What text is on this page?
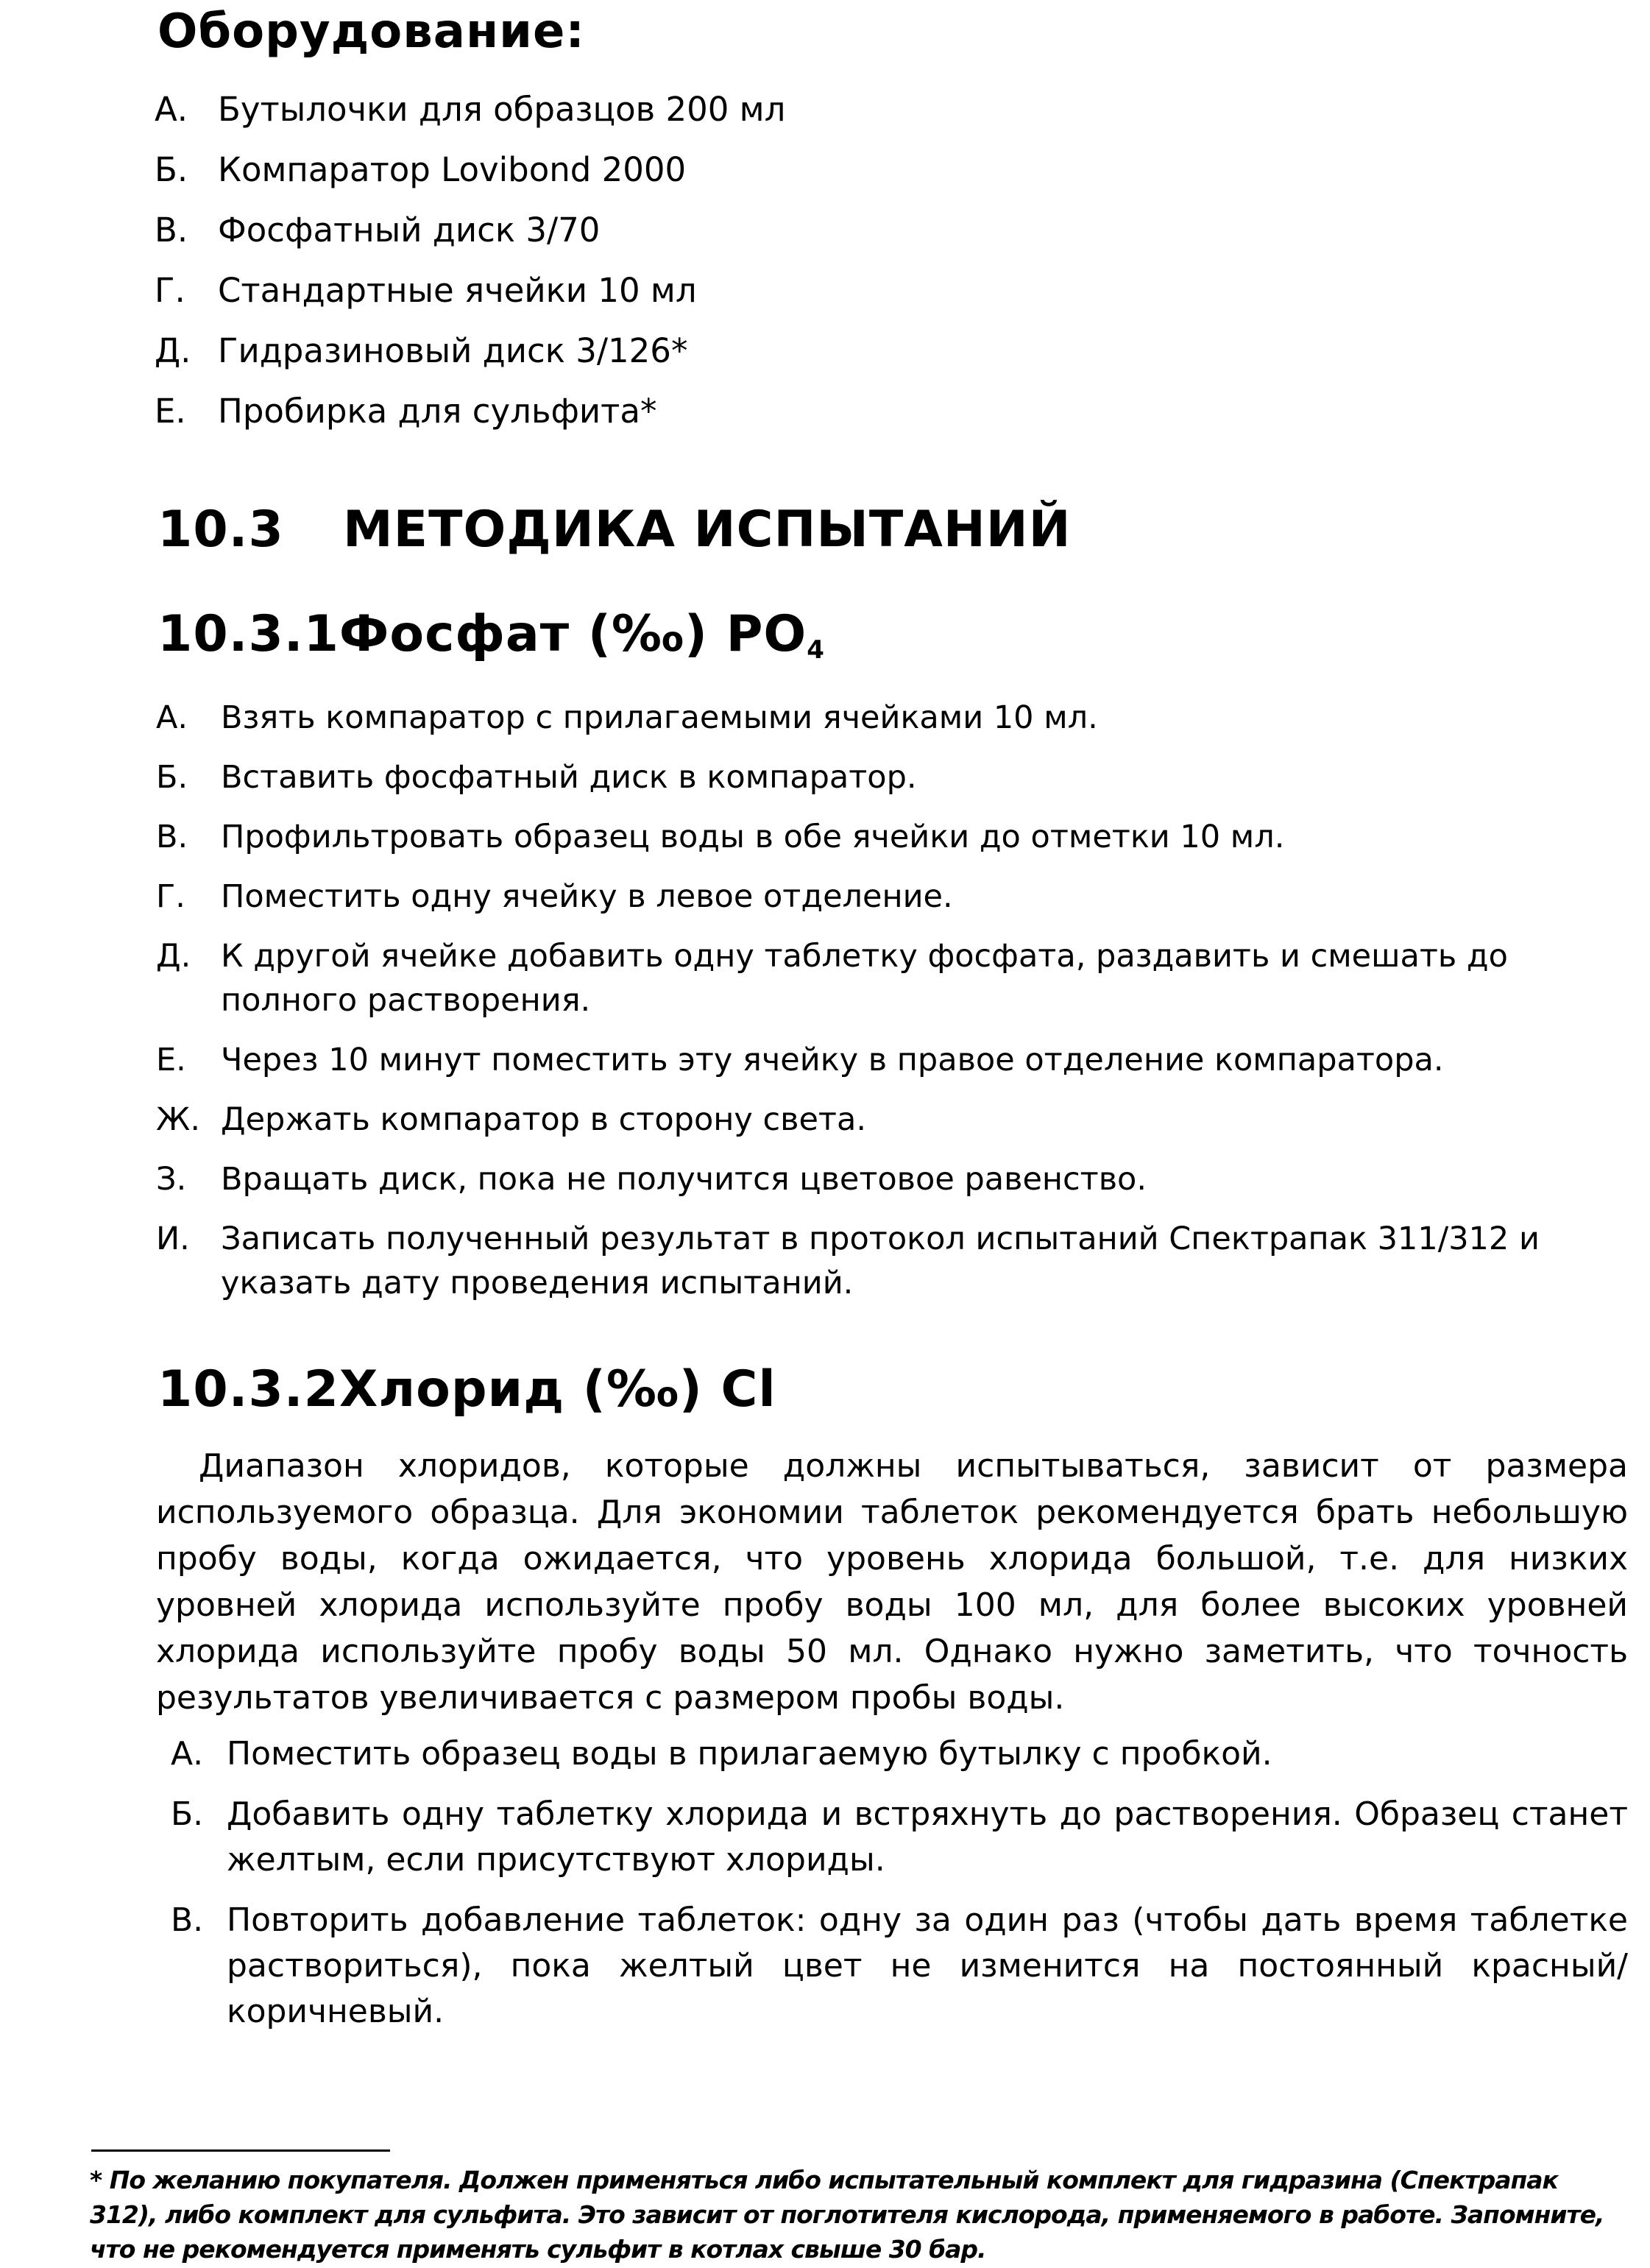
Оборудование:
А. Бутылочки для образцов 200 мл
Б. Компаратор Lovibond 2000
В. Фосфатный диск 3/70
Г. Стандартные ячейки 10 мл
Д. Гидразиновый диск 3/126*
Е. Пробирка для сульфита*
10.3 МЕТОДИКА ИСПЫТАНИЙ
10.3.1Фосфат (‰) $PO_4$
А. Взять компаратор с прилагаемыми ячейками 10 мл.
Б. Вставить фосфатный диск в компаратор.
В. Профильтровать образец воды в обе ячейки до отметки 10 мл.
Г. Поместить одну ячейку в левое отделение.
Д. К другой ячейке добавить одну таблетку фосфата, раздавить и смешать до полного растворения.
Е. Через 10 минут поместить эту ячейку в правое отделение компаратора.
Ж. Держать компаратор в сторону света.
З. Вращать диск, пока не получится цветовое равенство.
И. Записать полученный результат в протокол испытаний Спектрапак 311/312 и указать дату проведения испытаний.
10.3.2Хлорид (‰) Cl

Диапазон хлоридов, которые должны испытываться, зависит от размера используемого образца. Для экономии таблеток рекомендуется брать небольшую пробу воды, когда ожидается, что уровень хлорида большой, т.е. для низких уровней хлорида используйте пробу воды 100 мл, для более высоких уровней хлорида используйте пробу воды 50 мл. Однако нужно заметить, что точность результатов увеличивается с размером пробы воды.

А. Поместить образец воды в прилагаемую бутылку с пробкой.
Б. Добавить одну таблетку хлорида и встряхнуть до растворения. Образец станет желтым, если присутствуют хлориды.
В. Повторить добавление таблеток: одну за один раз (чтобы дать время таблетке раствориться), пока желтый цвет не изменится на постоянный красный/коричневый.

* По желанию покупателя. Должен применяться либо испытательный комплект для гидразина (Спектрапак 312), либо комплект для сульфита. Это зависит от поглотителя кислорода, применяемого в работе. Запомните, что не рекомендуется применять сульфит в котлах свыше 30 бар.
